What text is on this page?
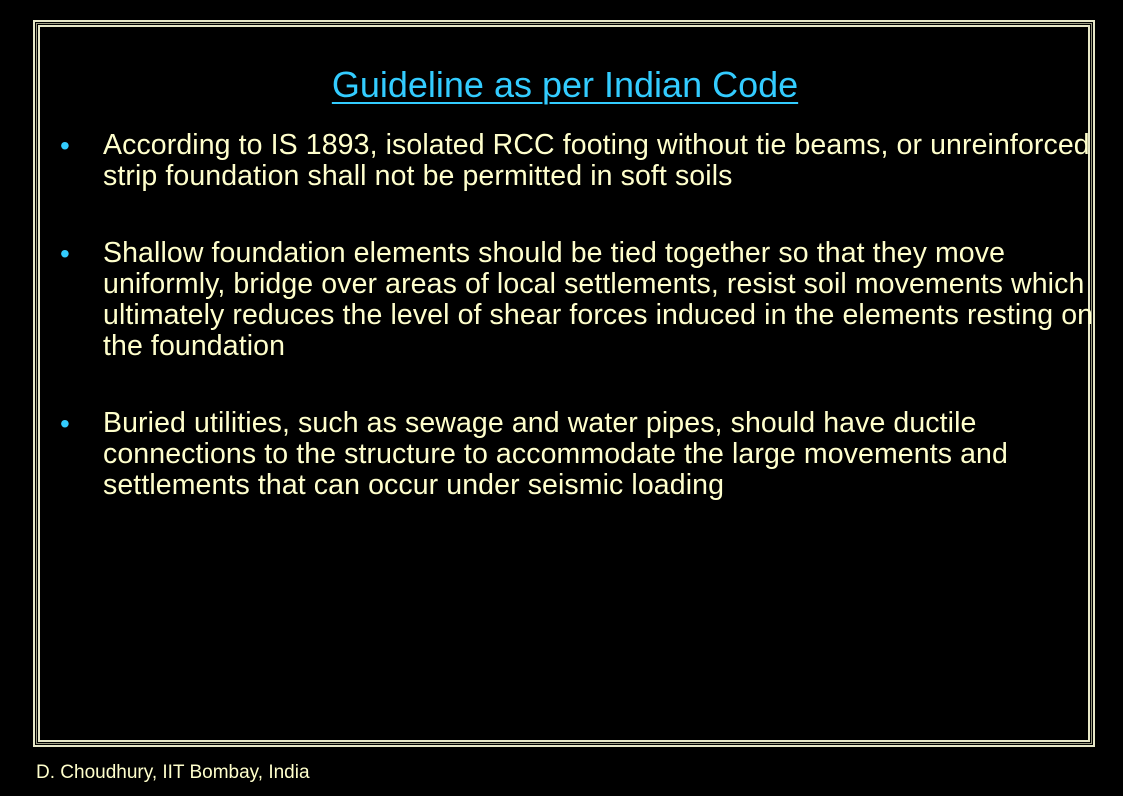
Guideline as per Indian Code
• According to IS 1893, isolated RCC footing without tie beams, or unreinforced strip foundation shall not be permitted in soft soils
• Shallow foundation elements should be tied together so that they move uniformly, bridge over areas of local settlements, resist soil movements which ultimately reduces the level of shear forces induced in the elements resting on the foundation
• Buried utilities, such as sewage and water pipes, should have ductile connections to the structure to accommodate the large movements and settlements that can occur under seismic loading
D. Choudhury, IIT Bombay, India
